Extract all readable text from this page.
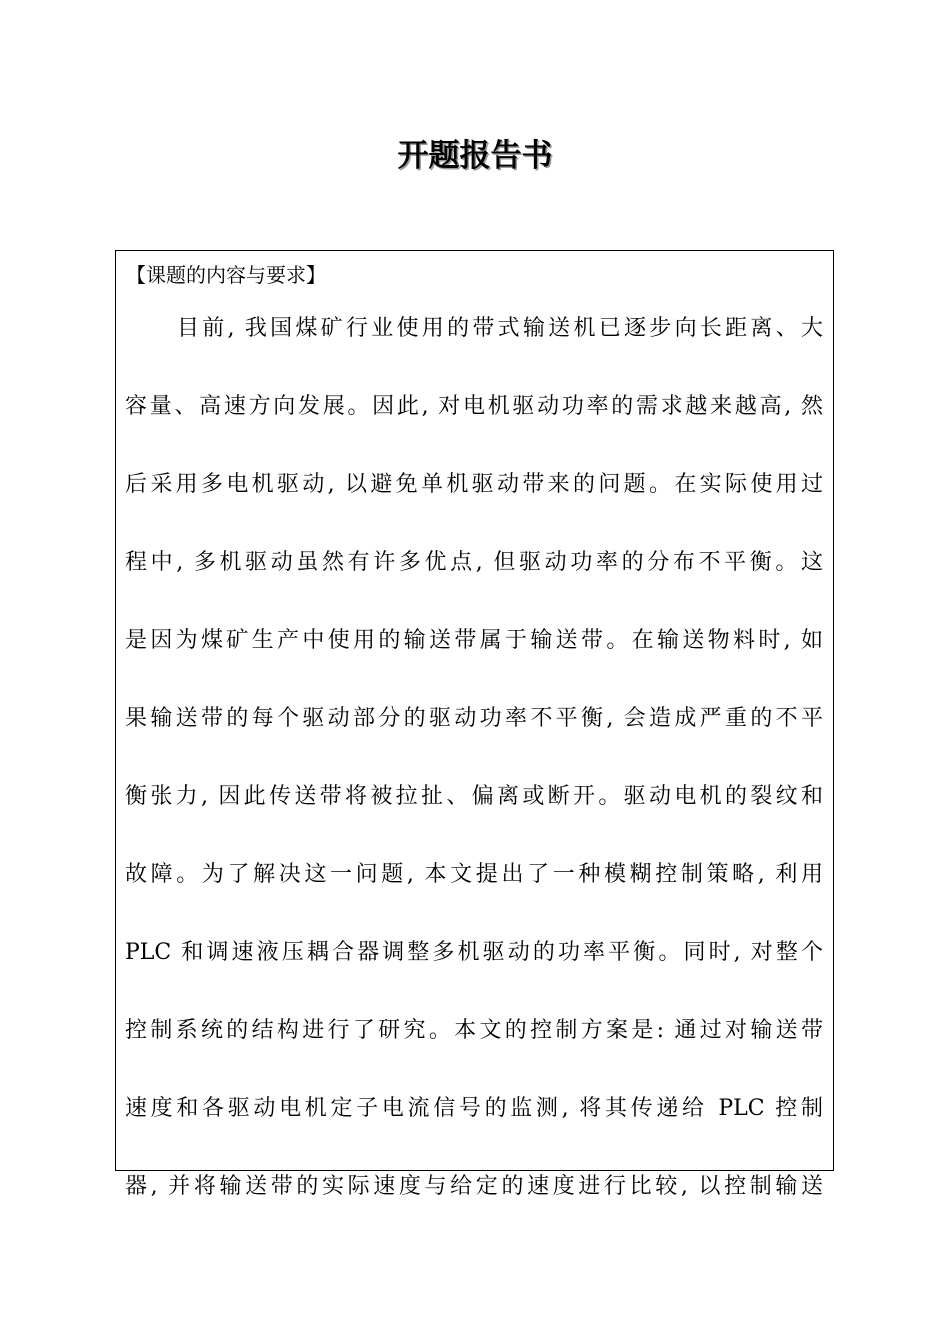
开题报告书
【课题的内容与要求】
目前, 我国煤矿行业使用的带式输送机已逐步向长距离、大
容量、高速方向发展。因此, 对电机驱动功率的需求越来越高, 然
后采用多电机驱动, 以避免单机驱动带来的问题。在实际使用过
程中, 多机驱动虽然有许多优点, 但驱动功率的分布不平衡。这
是因为煤矿生产中使用的输送带属于输送带。在输送物料时, 如
果输送带的每个驱动部分的驱动功率不平衡, 会造成严重的不平
衡张力, 因此传送带将被拉扯、偏离或断开。驱动电机的裂纹和
故障。为了解决这一问题, 本文提出了一种模糊控制策略, 利用
PLC 和调速液压耦合器调整多机驱动的功率平衡。同时, 对整个
控制系统的结构进行了研究。本文的控制方案是: 通过对输送带
速度和各驱动电机定子电流信号的监测, 将其传递给 PLC 控制
器, 并将输送带的实际速度与给定的速度进行比较, 以控制输送
